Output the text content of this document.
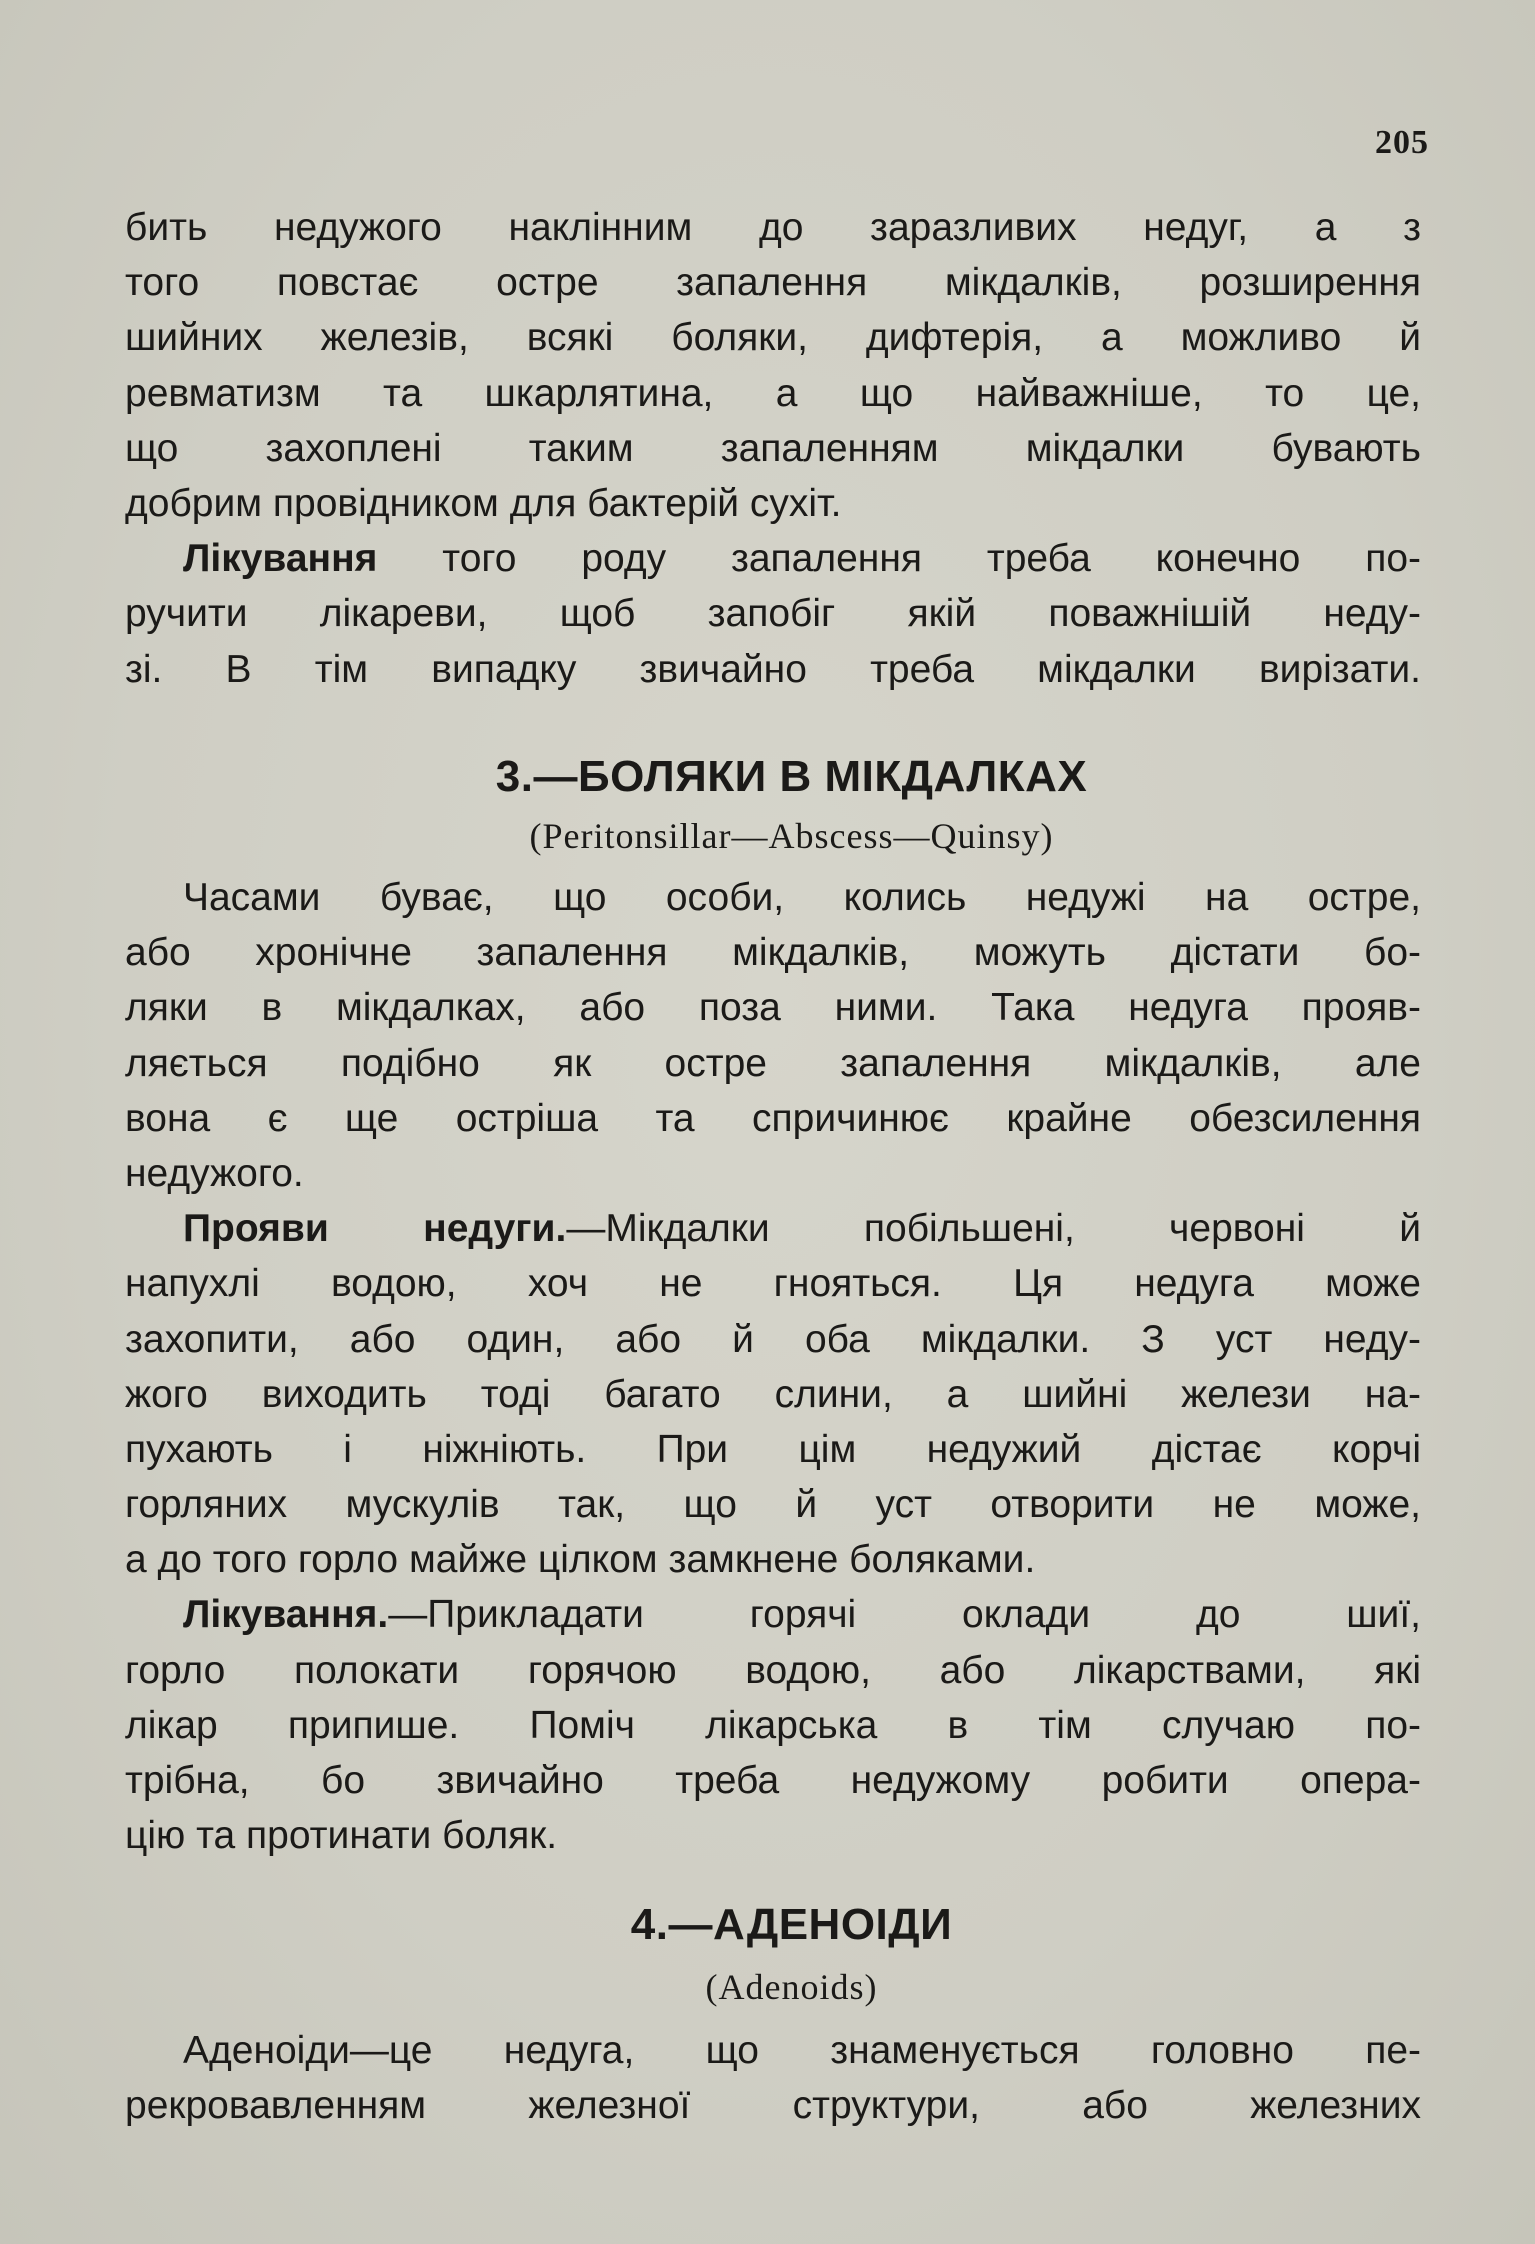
205
бить недужого наклінним до заразливих недуг, а з
того повстає остре запалення мікдалків, розширення
шийних железів, всякі боляки, дифтерія, а можливо й
ревматизм та шкарлятина, а що найважніше, то це,
що захоплені таким запаленням мікдалки бувають
добрим провідником для бактерій сухіт.
Лікування того роду запалення треба конечно по-
ручити лікареви, щоб запобіг якій поважнішій неду-
зі. В тім випадку звичайно треба мікдалки вирізати.
3.—БОЛЯКИ В МІКДАЛКАХ
(Peritonsillar—Abscess—Quinsy)
Часами буває, що особи, колись недужі на остре,
або хронічне запалення мікдалків, можуть дістати бо-
ляки в мікдалках, або поза ними. Така недуга прояв-
ляється подібно як остре запалення мікдалків, але
вона є ще остріша та спричинює крайне обезсилення
недужого.
Прояви недуги.—Мікдалки побільшені, червоні й
напухлі водою, хоч не гнояться. Ця недуга може
захопити, або один, або й оба мікдалки. З уст неду-
жого виходить тоді багато слини, а шийні желези на-
пухають і ніжніють. При цім недужий дістає корчі
горляних мускулів так, що й уст отворити не може,
а до того горло майже цілком замкнене боляками.
Лікування.—Прикладати горячі оклади до шиї,
горло полокати горячою водою, або лікарствами, які
лікар припише. Поміч лікарська в тім случаю по-
трібна, бо звичайно треба недужому робити опера-
цію та протинати боляк.
4.—АДЕНОІДИ
(Adenoids)
Аденоіди—це недуга, що знаменується головно пе-
рекровавленням железної структури, або железних
